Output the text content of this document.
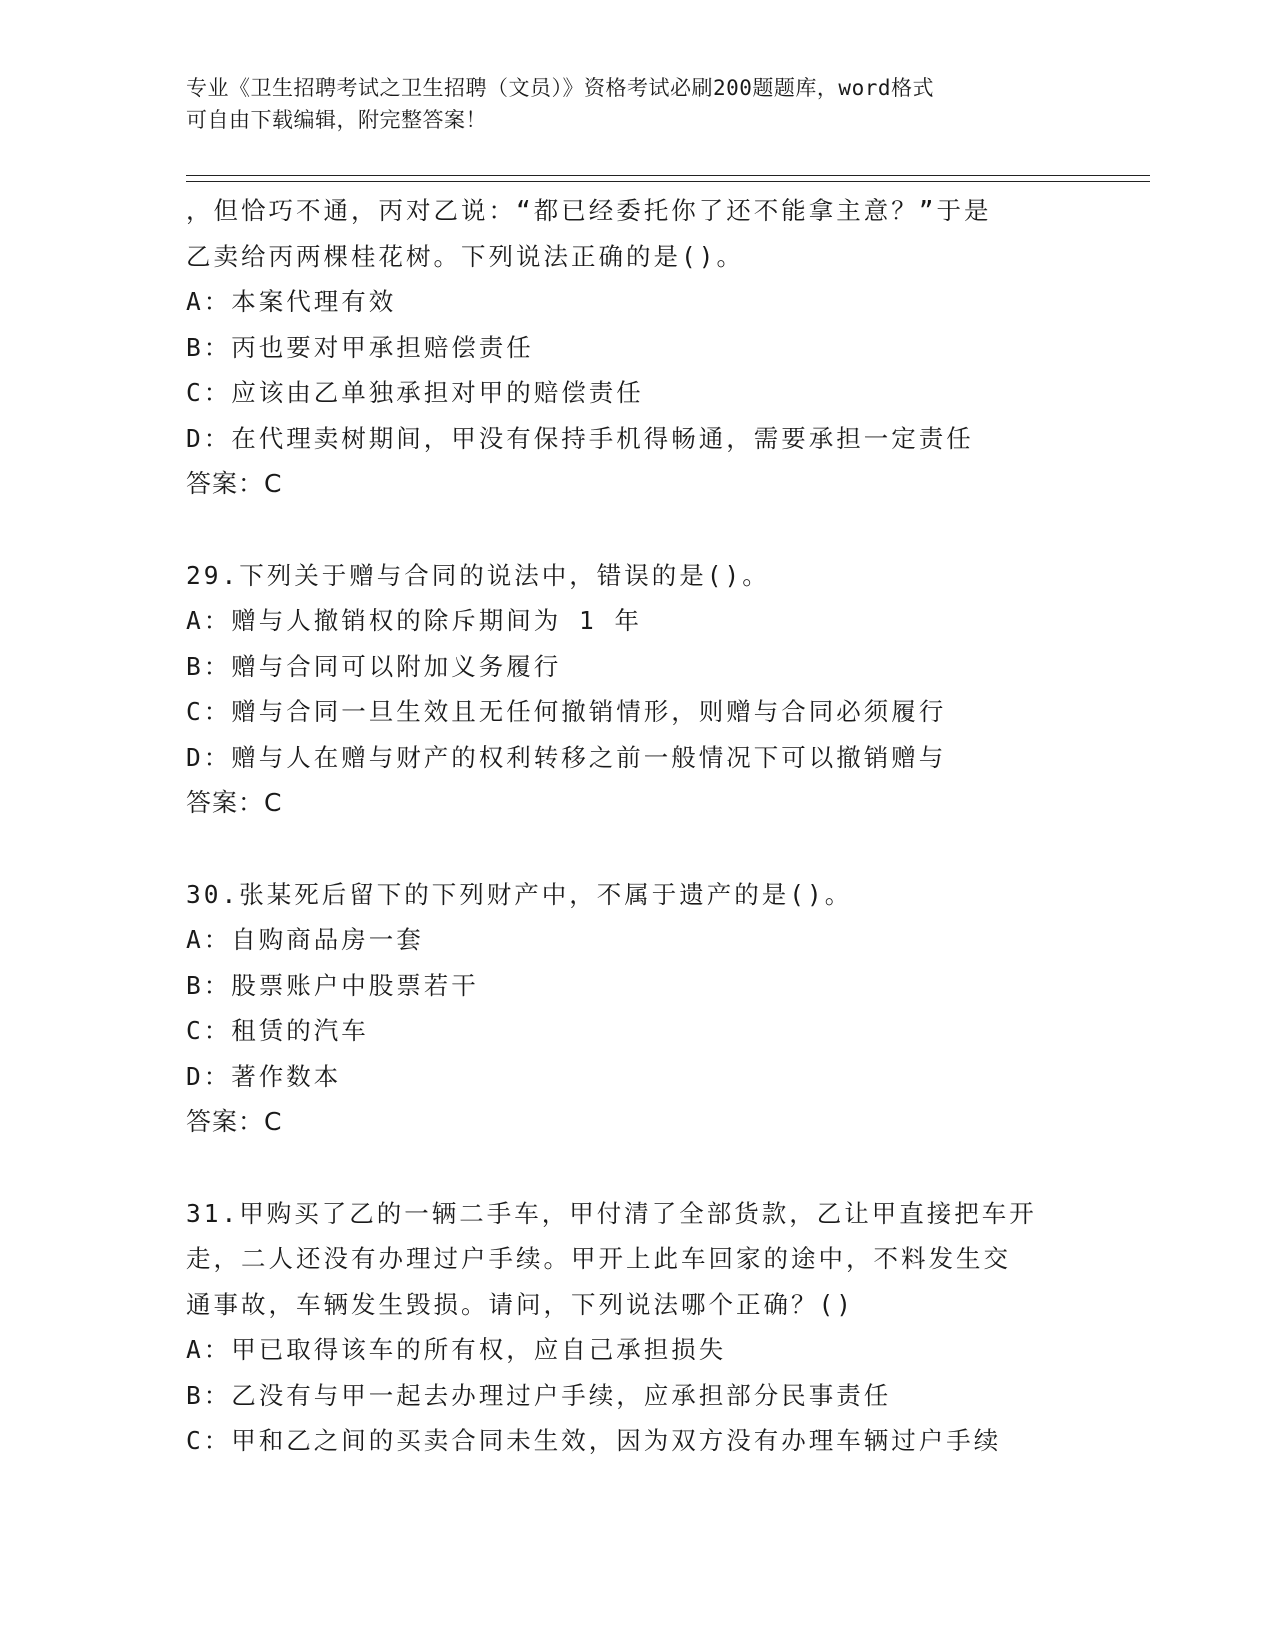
专业《卫生招聘考试之卫生招聘（文员）》资格考试必刷200题题库，word格式
可自由下载编辑，附完整答案！
，但恰巧不通，丙对乙说：“都已经委托你了还不能拿主意？”于是
乙卖给丙两棵桂花树。下列说法正确的是()。
A：本案代理有效
B：丙也要对甲承担赔偿责任
C：应该由乙单独承担对甲的赔偿责任
D：在代理卖树期间，甲没有保持手机得畅通，需要承担一定责任
答案：C
29.下列关于赠与合同的说法中，错误的是()。
A：赠与人撤销权的除斥期间为 1 年
B：赠与合同可以附加义务履行
C：赠与合同一旦生效且无任何撤销情形，则赠与合同必须履行
D：赠与人在赠与财产的权利转移之前一般情况下可以撤销赠与
答案：C
30.张某死后留下的下列财产中，不属于遗产的是()。
A：自购商品房一套
B：股票账户中股票若干
C：租赁的汽车
D：著作数本
答案：C
31.甲购买了乙的一辆二手车，甲付清了全部货款，乙让甲直接把车开
走，二人还没有办理过户手续。甲开上此车回家的途中，不料发生交
通事故，车辆发生毁损。请问，下列说法哪个正确？()
A：甲已取得该车的所有权，应自己承担损失
B：乙没有与甲一起去办理过户手续，应承担部分民事责任
C：甲和乙之间的买卖合同未生效，因为双方没有办理车辆过户手续
